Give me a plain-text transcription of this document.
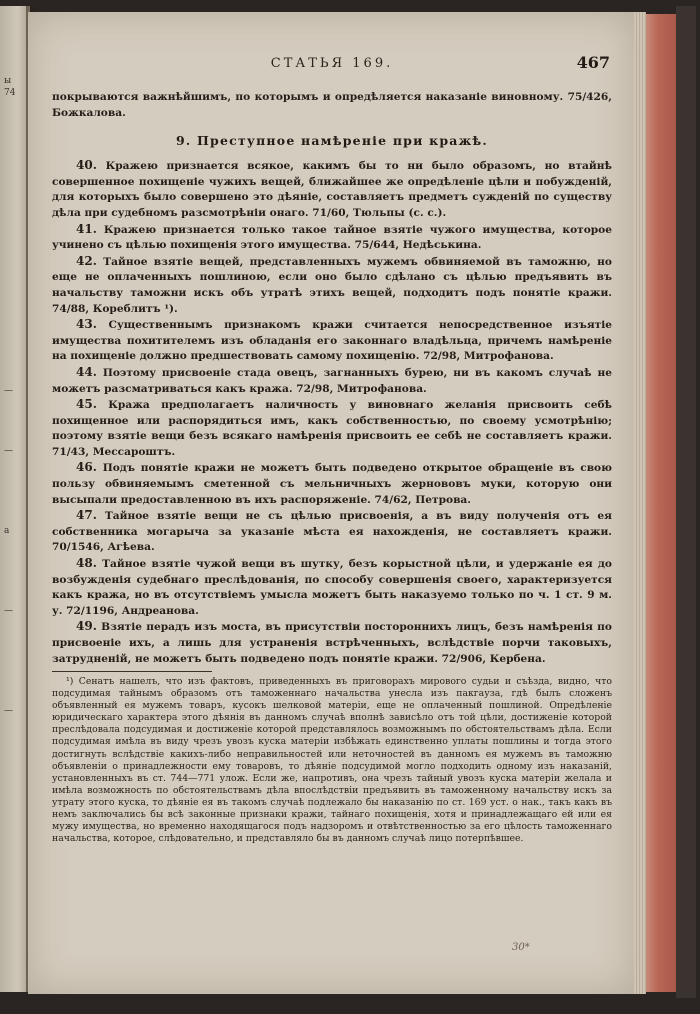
ы
74
—
—
а
—
—
СТАТЬЯ 169.	467

покрываются важнѣйшимъ, по которымъ и опредѣляется наказаніе виновному. 75/426, Божкалова.

9. Преступное намѣреніе при кражѣ.

40. Кражею признается всякое, какимъ бы то ни было образомъ, но втайнѣ совершенное похищеніе чужихъ вещей, ближайшее же опредѣленіе цѣли и побужденій, для которыхъ было совершено это дѣяніе, составляетъ предметъ сужденій по существу дѣла при судебномъ разсмотрѣніи онаго. 71/60, Тюльпы (с. с.).

41. Кражею признается только такое тайное взятіе чужого имущества, которое учинено съ цѣлью похищенія этого имущества. 75/644, Недѣськина.

42. Тайное взятіе вещей, представленныхъ мужемъ обвиняемой въ таможню, но еще не оплаченныхъ пошлиною, если оно было сдѣлано съ цѣлью предъявить въ начальству таможни искъ объ утратѣ этихъ вещей, подходитъ подъ понятіе кражи. 74/88, Кореблитъ ¹).

43. Существеннымъ признакомъ кражи считается непосредственное изъятіе имущества похитителемъ изъ обладанія его законнаго владѣльца, причемъ намѣреніе на похищеніе должно предшествовать самому похищенію. 72/98, Митрофанова.

44. Поэтому присвоеніе стада овецъ, загнанныхъ бурею, ни въ какомъ случаѣ не можетъ разсматриваться какъ кража. 72/98, Митрофанова.

45. Кража предполагаетъ наличность у виновнаго желанія присвоить себѣ похищенное или распорядиться имъ, какъ собственностью, по своему усмотрѣнію; поэтому взятіе вещи безъ всякаго намѣренія присвоить ее себѣ не составляетъ кражи. 71/43, Мессароштъ.

46. Подъ понятіе кражи не можетъ быть подведено открытое обращеніе въ свою пользу обвиняемымъ сметенной съ мельничныхъ жернововъ муки, которую они высыпали предоставленною въ ихъ распоряженіе. 74/62, Петрова.

47. Тайное взятіе вещи не съ цѣлью присвоенія, а въ виду полученія отъ ея собственника могарыча за указаніе мѣста ея нахожденія, не составляетъ кражи. 70/1546, Агѣева.

48. Тайное взятіе чужой вещи въ шутку, безъ корыстной цѣли, и удержаніе ея до возбужденія судебнаго преслѣдованія, по способу совершенія своего, характеризуется какъ кража, но въ отсутствіемъ умысла можетъ быть наказуемо только по ч. 1 ст. 9 м. у. 72/1196, Андреанова.

49. Взятіе перадъ изъ моста, въ присутствіи постороннихъ лицъ, безъ намѣренія по присвоеніе ихъ, а лишь для устраненія встрѣченныхъ, вслѣдствіе порчи таковыхъ, затрудненій, не можетъ быть подведено подъ понятіе кражи. 72/906, Кербена.

¹) Сенатъ нашелъ, что изъ фактовъ, приведенныхъ въ приговорахъ мирового судьи и съѣзда, видно, что подсудимая тайнымъ образомъ отъ таможеннаго начальства унесла изъ пакгауза, гдѣ былъ сложенъ объявленный ея мужемъ товаръ, кусокъ шелковой матеріи, еще не оплаченный пошлиной. Опредѣленіе юридическаго характера этого дѣянія въ данномъ случаѣ вполнѣ зависѣло отъ той цѣли, достиженіе которой преслѣдовала подсудимая и достиженіе которой представлялось возможнымъ по обстоятельствамъ дѣла. Если подсудимая имѣла въ виду чрезъ увозъ куска матеріи избѣжать единственно уплаты пошлины и тогда этого достигнуть вслѣдствіе какихъ-либо неправильностей или неточностей въ данномъ ея мужемъ въ таможню объявленіи о принадлежности ему товаровъ, то дѣяніе подсудимой могло подходить одному изъ наказаній, установленныхъ въ ст. 744—771 улож. Если же, напротивъ, она чрезъ тайный увозъ куска матеріи желала и имѣла возможность по обстоятельствамъ дѣла впослѣдствіи предъявить въ таможенному начальству искъ за утрату этого куска, то дѣяніе ея въ такомъ случаѣ подлежало бы наказанію по ст. 169 уст. о нак., такъ какъ въ немъ заключались бы всѣ законные признаки кражи, тайнаго похищенія, хотя и принадлежащаго ей или ея мужу имущества, но временно находящагося подъ надзоромъ и отвѣтственностью за его цѣлость таможеннаго начальства, которое, слѣдовательно, и представляло бы въ данномъ случаѣ лицо потерпѣвшее.

30*
